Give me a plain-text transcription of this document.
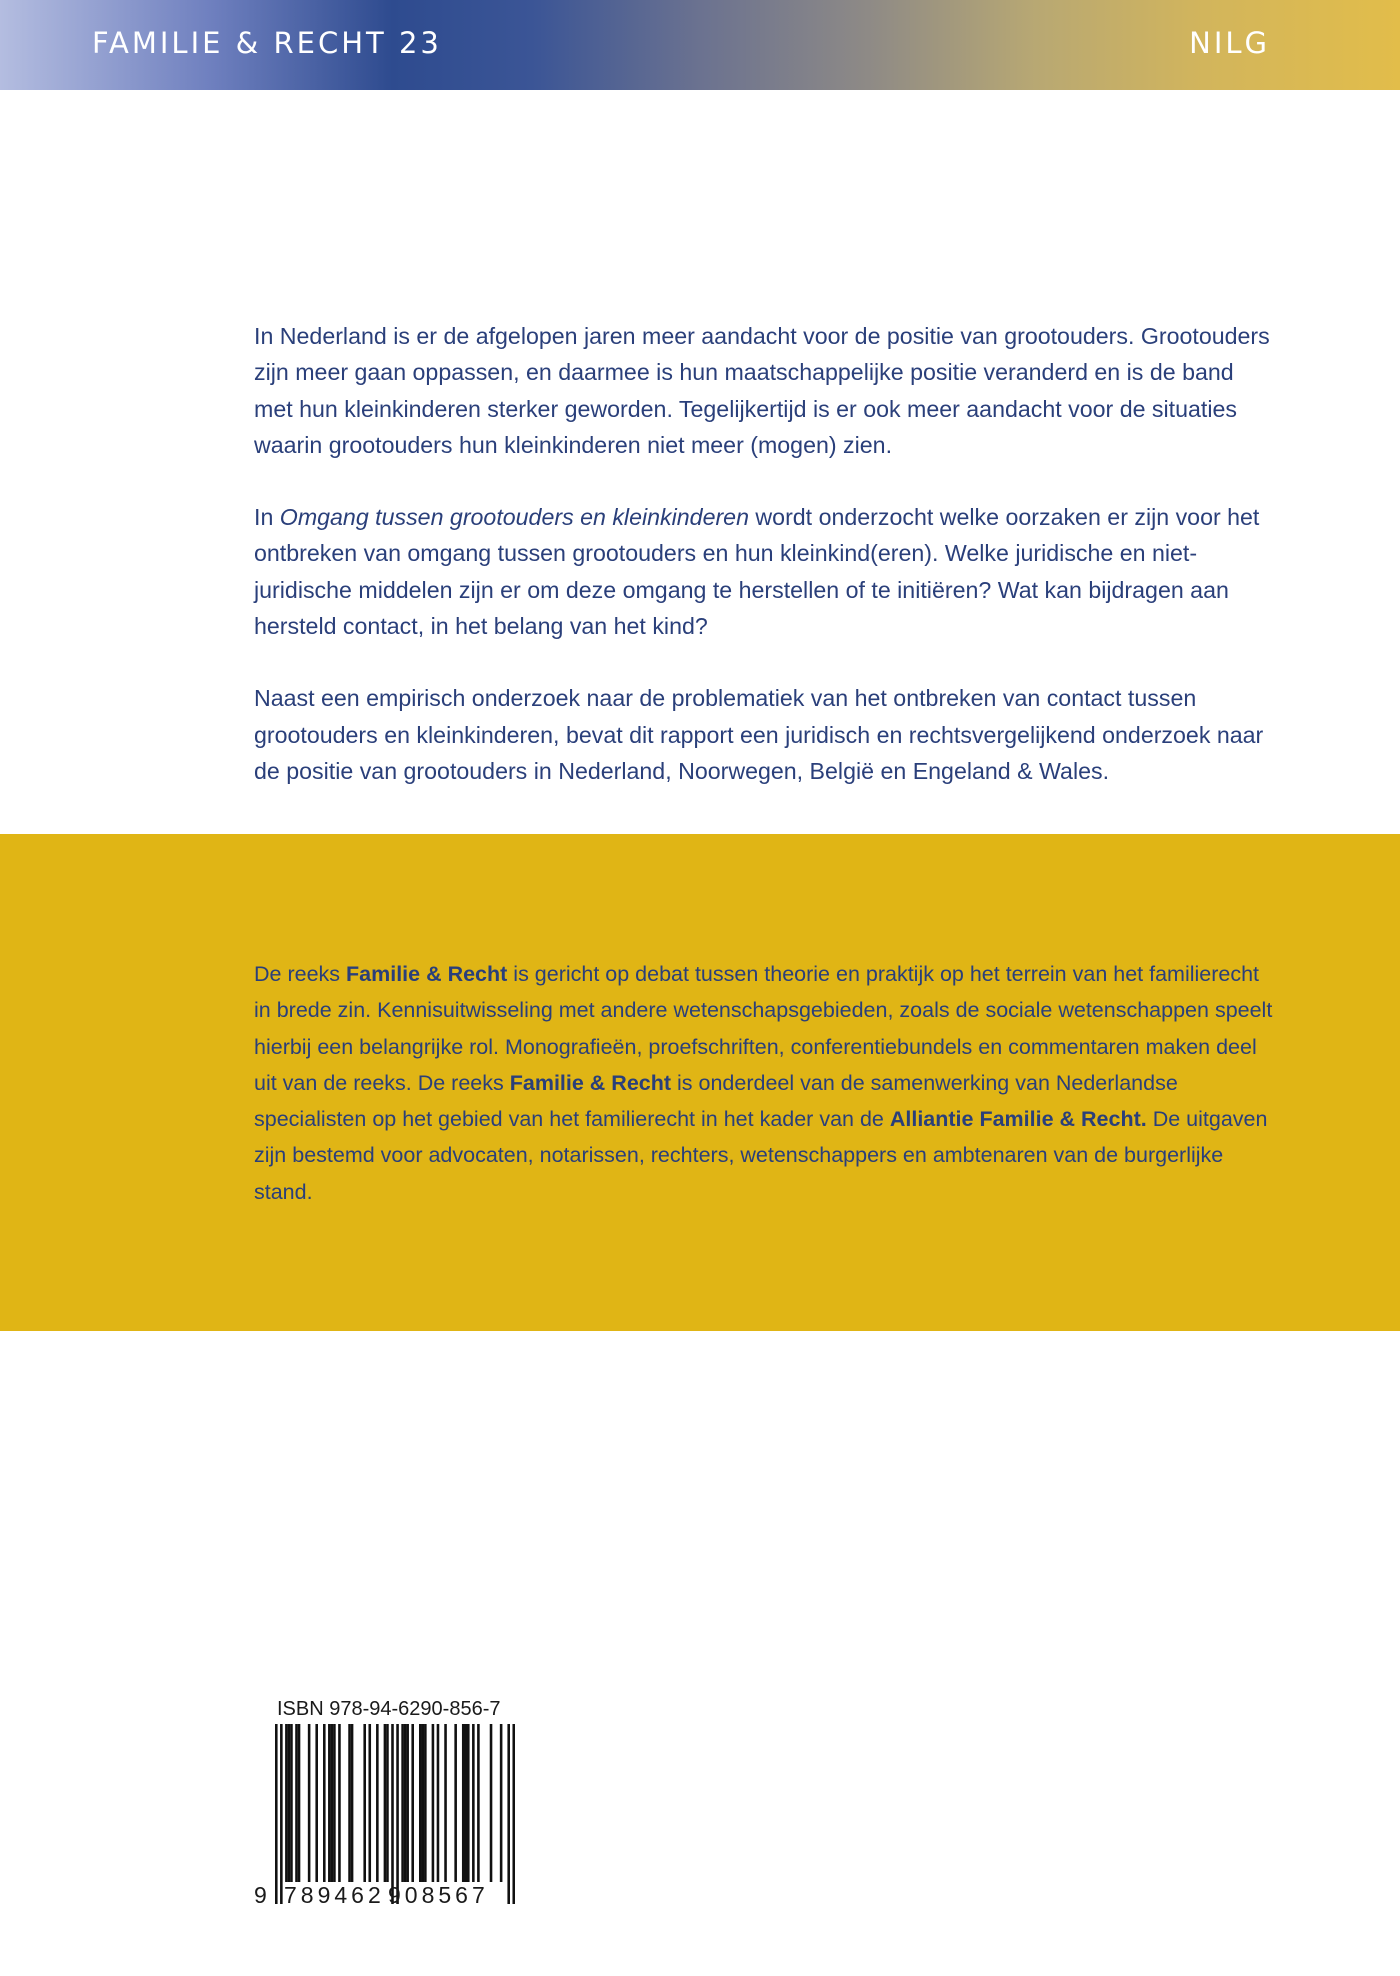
FAMILIE & RECHT 23	NILG

In Nederland is er de afgelopen jaren meer aandacht voor de positie van grootouders. Grootouders zijn meer gaan oppassen, en daarmee is hun maatschappelijke positie veranderd en is de band met hun kleinkinderen sterker geworden. Tegelijkertijd is er ook meer aandacht voor de situaties waarin grootouders hun kleinkinderen niet meer (mogen) zien.

In Omgang tussen grootouders en kleinkinderen wordt onderzocht welke oorzaken er zijn voor het ontbreken van omgang tussen grootouders en hun kleinkind(eren). Welke juridische en niet-juridische middelen zijn er om deze omgang te herstellen of te initiëren? Wat kan bijdragen aan hersteld contact, in het belang van het kind?

Naast een empirisch onderzoek naar de problematiek van het ontbreken van contact tussen grootouders en kleinkinderen, bevat dit rapport een juridisch en rechtsvergelijkend onderzoek naar de positie van grootouders in Nederland, Noorwegen, België en Engeland & Wales.

De reeks Familie & Recht is gericht op debat tussen theorie en praktijk op het terrein van het familierecht in brede zin. Kennisuitwisseling met andere wetenschapsgebieden, zoals de sociale wetenschappen speelt hierbij een belangrijke rol. Monografieën, proefschriften, conferentiebundels en commentaren maken deel uit van de reeks. De reeks Familie & Recht is onderdeel van de samenwerking van Nederlandse specialisten op het gebied van het familierecht in het kader van de Alliantie Familie & Recht. De uitgaven zijn bestemd voor advocaten, notarissen, rechters, wetenschappers en ambtenaren van de burgerlijke stand.

ISBN 978-94-6290-856-7
9 789462 908567
